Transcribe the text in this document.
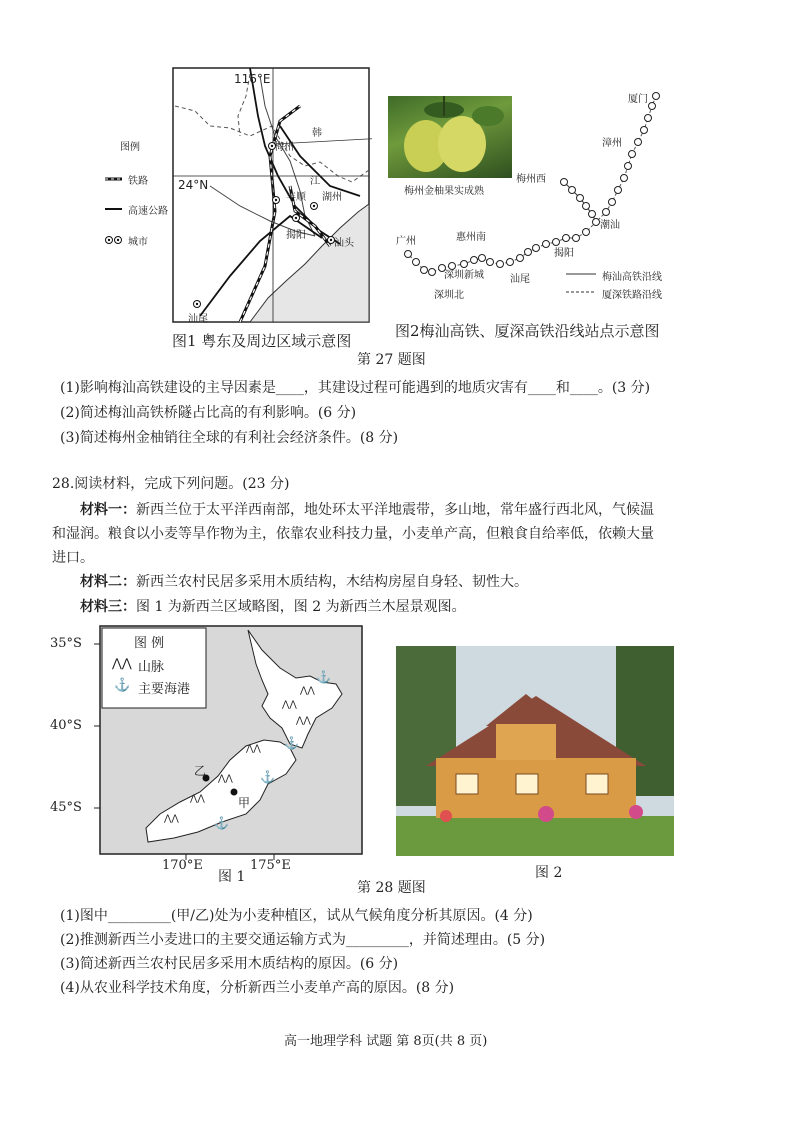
图例
铁路
高速公路
城市
116°E
24°N
梅州
韩
江
丰顺 湖州
揭阳
汕头
汕尾
梅州金柚果实成熟
厦门
漳州
梅州西
潮汕
揭阳
广州	惠州南
深圳新城	汕尾
深圳北
梅汕高铁沿线
厦深铁路沿线
图1 粤东及周边区域示意图
图2梅汕高铁、厦深高铁沿线站点示意图
第 27 题图
(1)影响梅汕高铁建设的主导因素是____，其建设过程可能遇到的地质灾害有____和____。(3 分)
(2)简述梅汕高铁桥隧占比高的有利影响。(6 分)
(3)简述梅州金柚销往全球的有利社会经济条件。(8 分)
28.阅读材料，完成下列问题。(23 分)
材料一：新西兰位于太平洋西南部，地处环太平洋地震带，多山地，常年盛行西北风，气候温
和湿润。粮食以小麦等旱作物为主，依靠农业科技力量，小麦单产高，但粮食自给率低，依赖大量
进口。
材料二：新西兰农村民居多采用木质结构，木结构房屋自身轻、韧性大。
材料三：图 1 为新西兰区域略图，图 2 为新西兰木屋景观图。
35°S
40°S
45°S
170°E	175°E
图 例
⋀⋀ 山脉
⚓ 主要海港
⋀⋀
⋀⋀
⋀⋀
⋀⋀
⋀⋀
⋀⋀
⋀⋀
⚓
⚓
⚓
⚓
乙
甲
图 1	图 2
第 28 题图
(1)图中_________(甲/乙)处为小麦种植区，试从气候角度分析其原因。(4 分)
(2)推测新西兰小麦进口的主要交通运输方式为_________，并简述理由。(5 分)
(3)简述新西兰农村民居多采用木质结构的原因。(6 分)
(4)从农业科学技术角度，分析新西兰小麦单产高的原因。(8 分)
高一地理学科 试题 第 8页(共 8 页)
